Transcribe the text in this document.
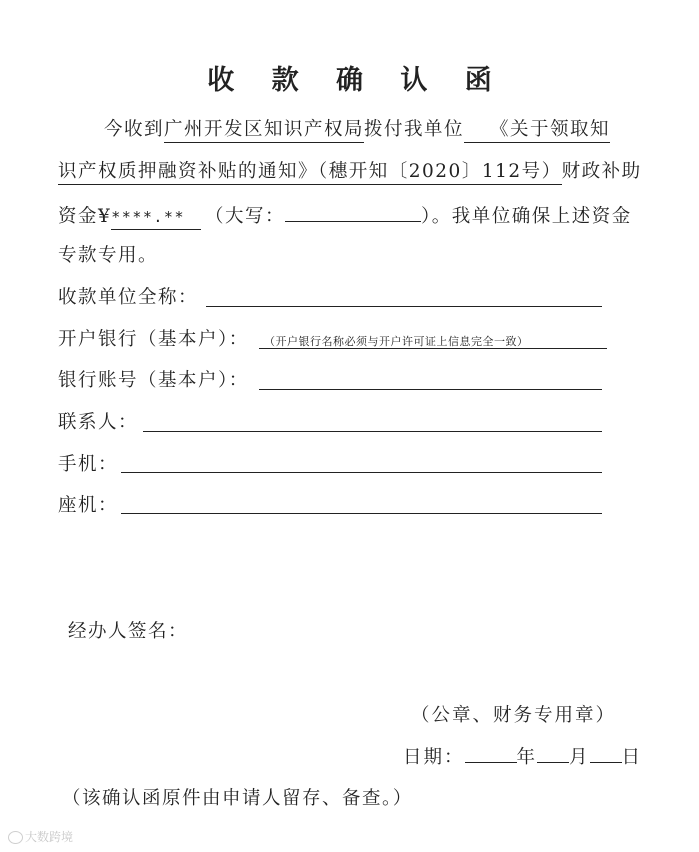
收 款 确 认 函
今收到广州开发区知识产权局拨付我单位 《关于领取知
识产权质押融资补贴的通知》（穗开知〔2020〕112号）财政补助
资金¥****.** （大写：	）。我单位确保上述资金
专款专用。
收款单位全称：
开户银行（基本户）： （开户银行名称必须与开户许可证上信息完全一致）
银行账号（基本户）：
联系人：
手机：
座机：
经办人签名：
（公章、财务专用章）
日期：	年 月 日
（该确认函原件由申请人留存、备查。）
大数跨境
